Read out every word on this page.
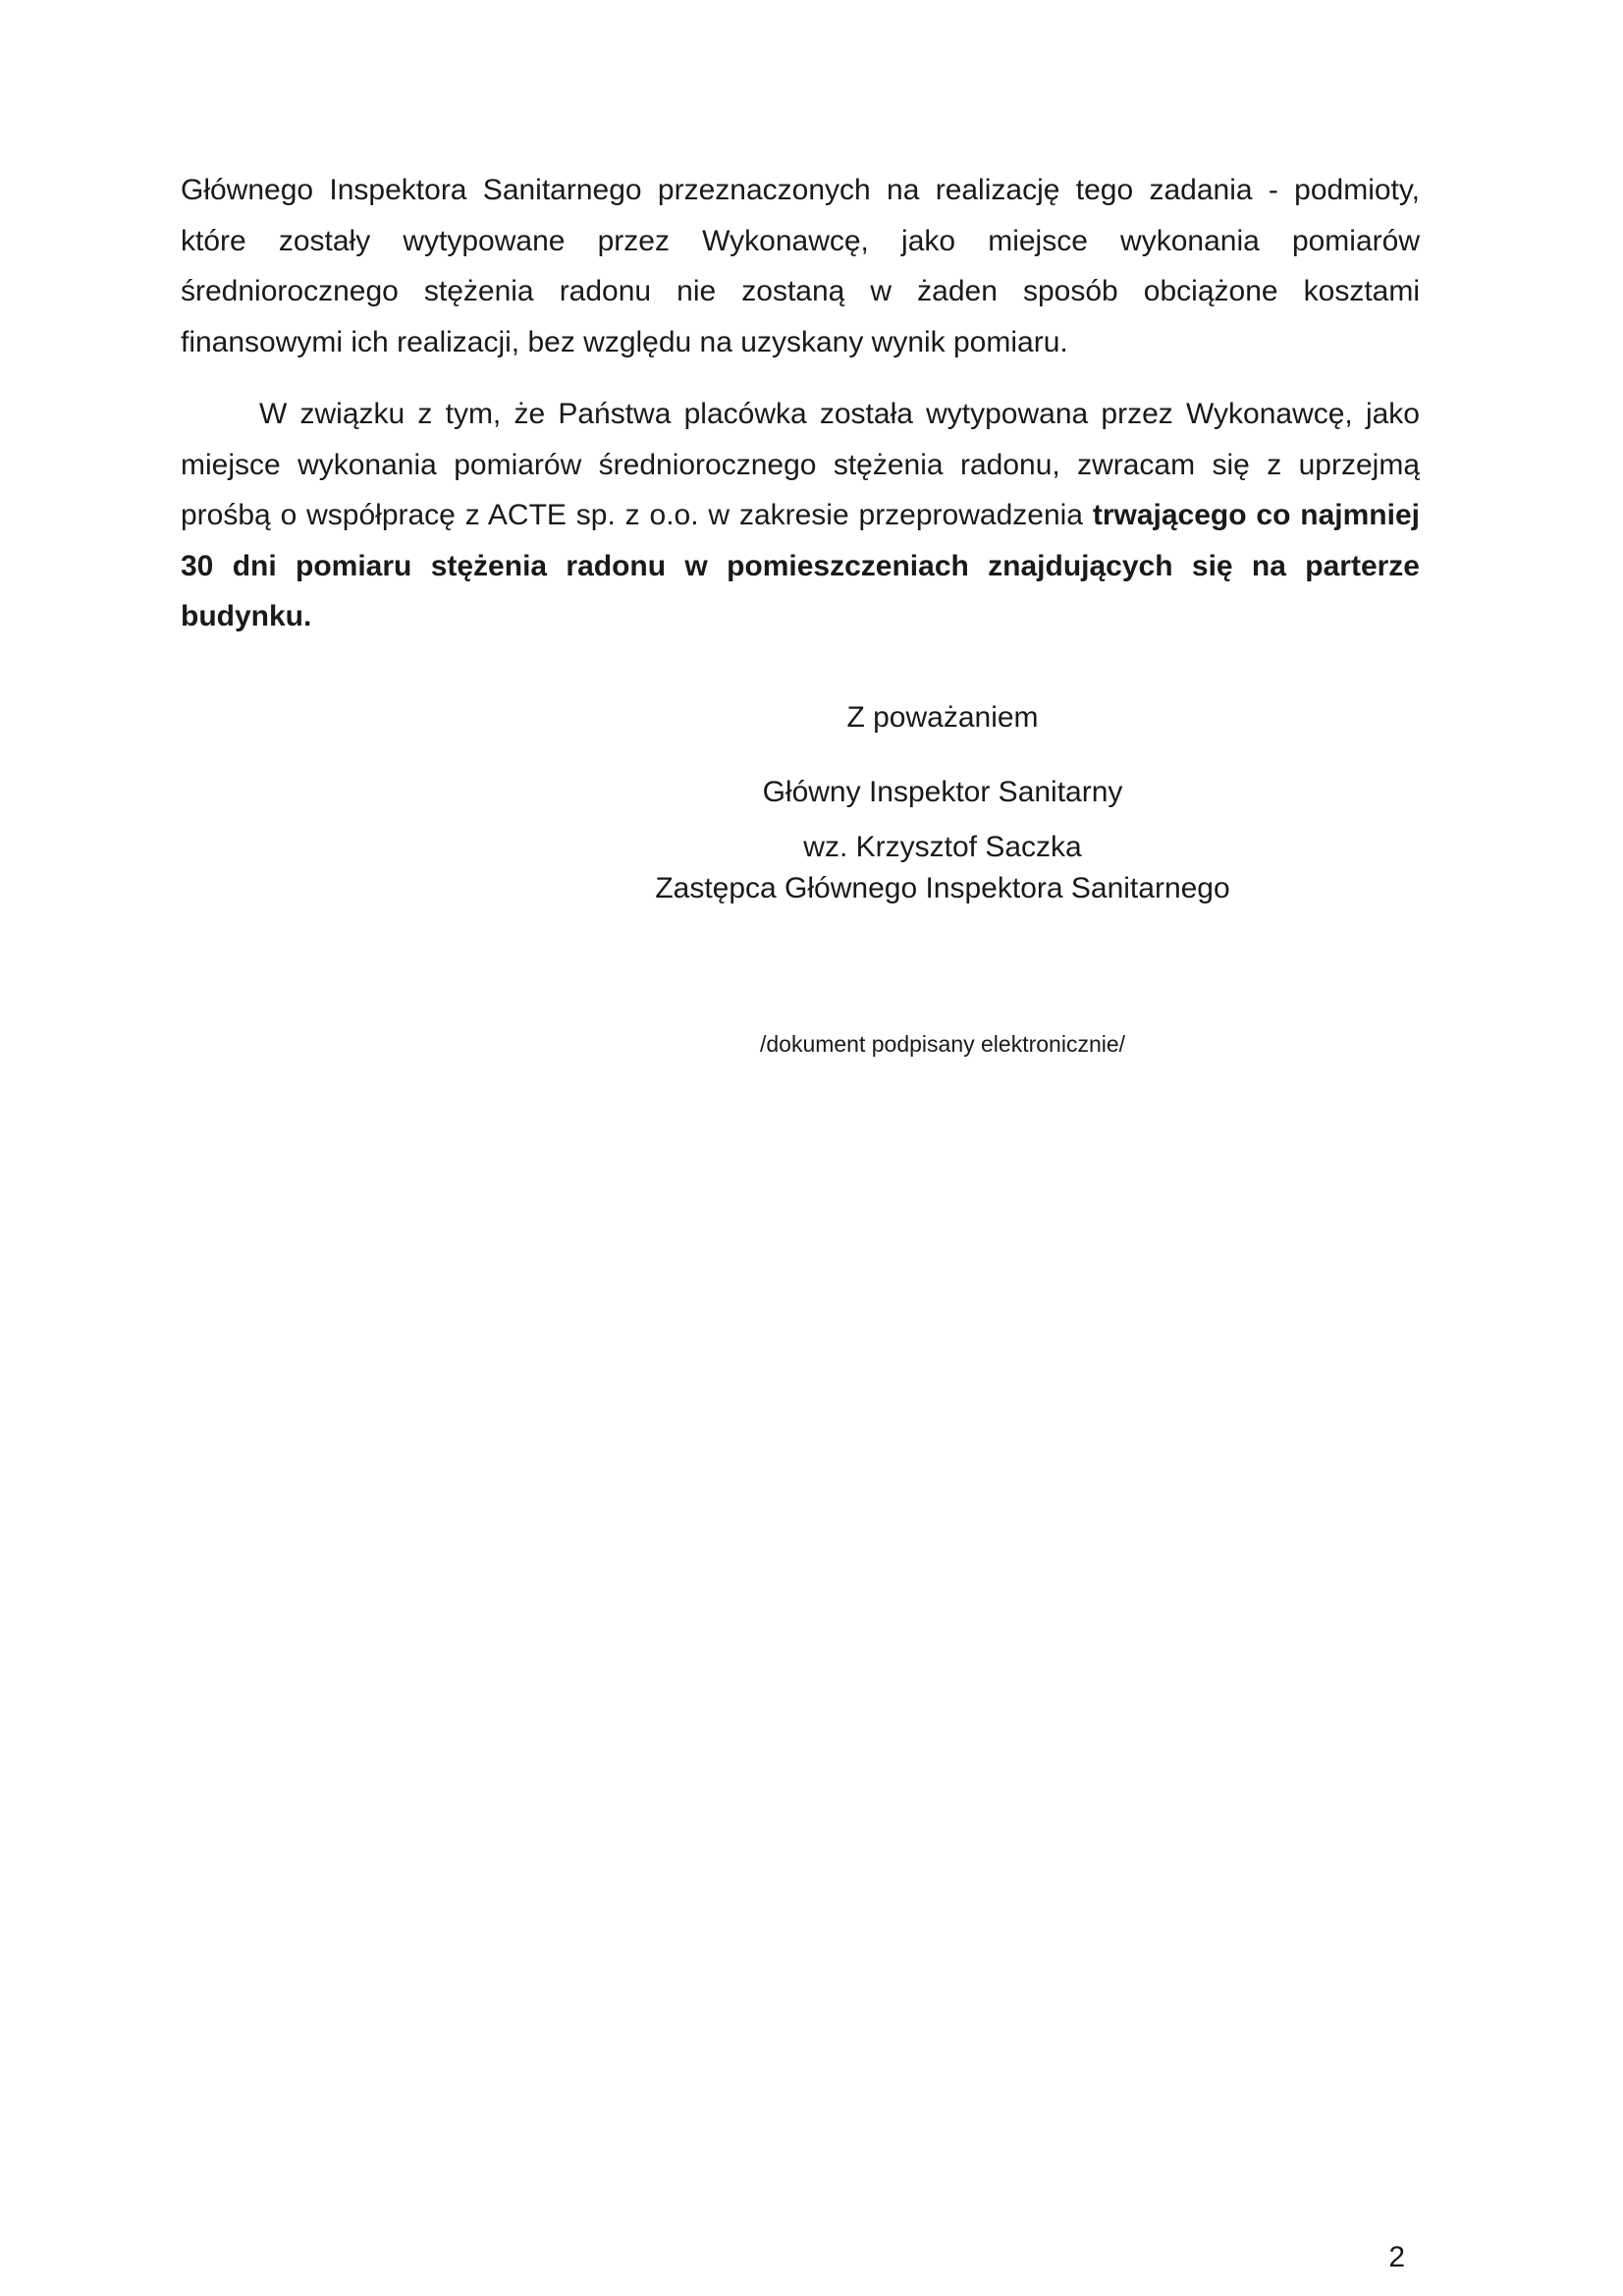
Głównego Inspektora Sanitarnego przeznaczonych na realizację tego zadania - podmioty, które zostały wytypowane przez Wykonawcę, jako miejsce wykonania pomiarów średniorocznego stężenia radonu nie zostaną w żaden sposób obciążone kosztami finansowymi ich realizacji, bez względu na uzyskany wynik pomiaru.

W związku z tym, że Państwa placówka została wytypowana przez Wykonawcę, jako miejsce wykonania pomiarów średniorocznego stężenia radonu, zwracam się z uprzejmą prośbą o współpracę z ACTE sp. z o.o. w zakresie przeprowadzenia trwającego co najmniej 30 dni pomiaru stężenia radonu w pomieszczeniach znajdujących się na parterze budynku.

Z poważaniem
Główny Inspektor Sanitarny
wz. Krzysztof Saczka
Zastępca Głównego Inspektora Sanitarnego
/dokument podpisany elektronicznie/
2
